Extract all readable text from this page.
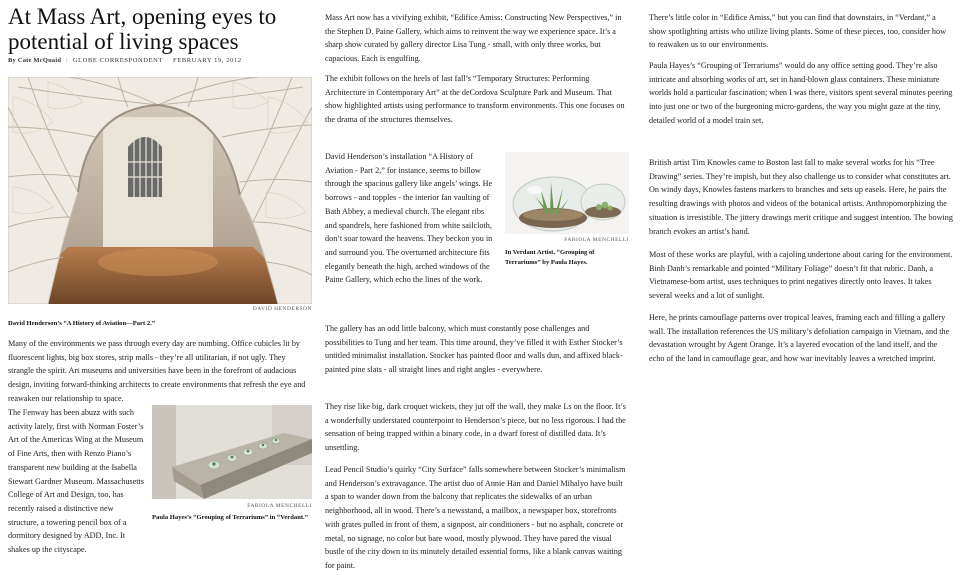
At Mass Art, opening eyes to potential of living spaces
By Cate McQuaid | GLOBE CORRESPONDENT FEBRUARY 19, 2012
DAVID HENDERSON
David Henderson’s “A History of Aviation—Part 2.”

Many of the environments we pass through every day are numbing. Office cubicles lit by fluorescent lights, big box stores, strip malls - they’re all utilitarian, if not ugly. They strangle the spirit. Art museums and universities have been in the forefront of audacious design, inviting forward-thinking architects to create environments that refresh the eye and reawaken our relationship to space.

The Fenway has been abuzz with such activity lately, first with Norman Foster’s Art of the Americas Wing at the Museum of Fine Arts, then with Renzo Piano’s transparent new building at the Isabella Stewart Gardner Museum. Massachusetts College of Art and Design, too, has recently raised a distinctive new structure, a towering pencil box of a dormitory designed by ADD, Inc. It shakes up the cityscape.

FABIOLA MENCHELLI
Paula Hayes’s “Grouping of Terrariums” in “Verdant.”

Mass Art now has a vivifying exhibit, “Edifice Amiss: Constructing New Perspectives,” in the Stephen D. Paine Gallery, which aims to reinvent the way we experience space. It’s a sharp show curated by gallery director Lisa Tung - small, with only three works, but capacious. Each is engulfing.

The exhibit follows on the heels of last fall’s “Temporary Structures: Performing Architecture in Contemporary Art” at the deCordova Sculpture Park and Museum. That show highlighted artists using performance to transform environments. This one focuses on the drama of the structures themselves.

David Henderson’s installation “A History of Aviation - Part 2,” for instance, seems to billow through the spacious gallery like angels’ wings. He borrows - and topples - the interior fan vaulting of Bath Abbey, a medieval church. The elegant ribs and spandrels, here fashioned from white sailcloth, don’t soar toward the heavens. They beckon you in and surround you. The overturned architecture fits elegantly beneath the high, arched windows of the Paine Gallery, which echo the lines of the work.

FABIOLA MENCHELLI
In Verdant Artist, “Grouping of Terrariums” by Paula Hayes.

The gallery has an odd little balcony, which must constantly pose challenges and possibilities to Tung and her team. This time around, they’ve filled it with Esther Stocker’s untitled minimalist installation. Stocker has painted floor and walls dun, and affixed black-painted pine slats - all straight lines and right angles - everywhere.

They rise like big, dark croquet wickets, they jut off the wall, they make Ls on the floor. It’s a wonderfully understated counterpoint to Henderson’s piece, but no less rigorous. I had the sensation of being trapped within a binary code, in a dwarf forest of distilled data. It’s unsettling.

Lead Pencil Studio’s quirky “City Surface” falls somewhere between Stocker’s minimalism and Henderson’s extravagance. The artist duo of Annie Han and Daniel Mihalyo have built a span to wander down from the balcony that replicates the sidewalks of an urban neighborhood, all in wood. There’s a newsstand, a mailbox, a newspaper box, storefronts with grates pulled in front of them, a signpost, air conditioners - but no asphalt, concrete or metal, no signage, no color but bare wood, mostly plywood. They have pared the visual bustle of the city down to its minutely detailed essential forms, like a blank canvas waiting for paint.

There’s little color in “Edifice Amiss,” but you can find that downstairs, in “Verdant,” a show spotlighting artists who utilize living plants. Some of these pieces, too, consider how to reawaken us to our environments.

Paula Hayes’s “Grouping of Terrariums” would do any office setting good. They’re also intricate and absorbing works of art, set in hand-blown glass containers. These miniature worlds hold a particular fascination; when I was there, visitors spent several minutes peering into just one or two of the burgeoning micro-gardens, the way you might gaze at the tiny, detailed world of a model train set.

British artist Tim Knowles came to Boston last fall to make several works for his “Tree Drawing” series. They’re impish, but they also challenge us to consider what constitutes art. On windy days, Knowles fastens markers to branches and sets up easels. Here, he pairs the resulting drawings with photos and videos of the botanical artists. Anthropomorphizing the situation is irresistible. The jittery drawings merit critique and suggest intention. The bowing branch evokes an artist’s hand.

Most of these works are playful, with a cajoling undertone about caring for the environment. Binh Danh’s remarkable and pointed “Military Foliage” doesn’t fit that rubric. Danh, a Vietnamese-born artist, uses techniques to print negatives directly onto leaves. It takes several weeks and a lot of sunlight.

Here, he prints camouflage patterns over tropical leaves, framing each and filling a gallery wall. The installation references the US military’s defoliation campaign in Vietnam, and the devastation wrought by Agent Orange. It’s a layered evocation of the land itself, and the echo of the land in camouflage gear, and how war inevitably leaves a wretched imprint.
